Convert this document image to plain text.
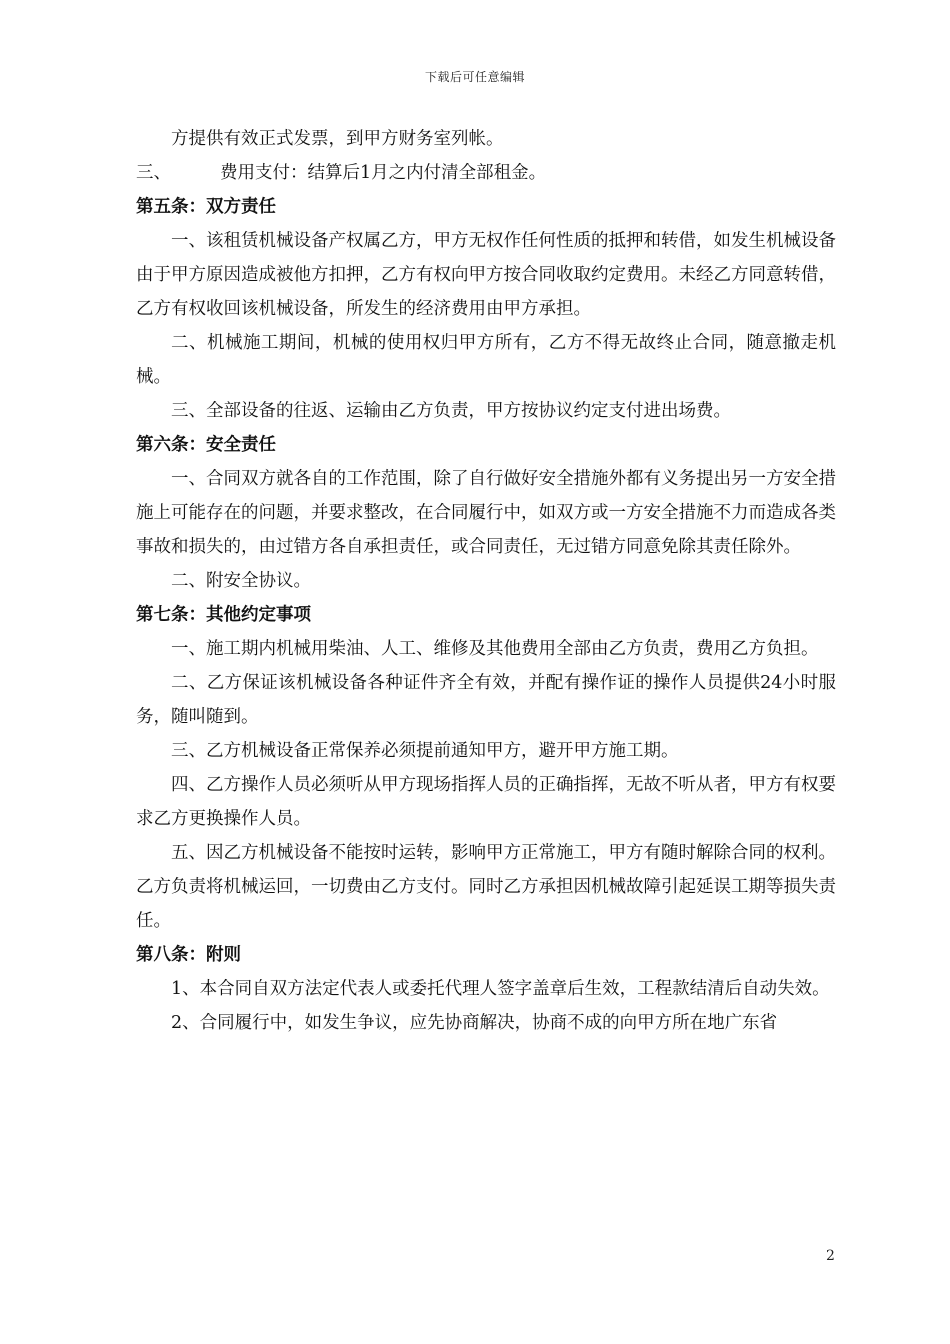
下载后可任意编辑

方提供有效正式发票，到甲方财务室列帐。

三、	费用支付：结算后1月之内付清全部租金。

第五条：双方责任

一、该租赁机械设备产权属乙方，甲方无权作任何性质的抵押和转借，如发生机械设备由于甲方原因造成被他方扣押，乙方有权向甲方按合同收取约定费用。未经乙方同意转借，乙方有权收回该机械设备，所发生的经济费用由甲方承担。

二、机械施工期间，机械的使用权归甲方所有，乙方不得无故终止合同，随意撤走机械。

三、全部设备的往返、运输由乙方负责，甲方按协议约定支付进出场费。

第六条：安全责任

一、合同双方就各自的工作范围，除了自行做好安全措施外都有义务提出另一方安全措施上可能存在的问题，并要求整改，在合同履行中，如双方或一方安全措施不力而造成各类事故和损失的，由过错方各自承担责任，或合同责任，无过错方同意免除其责任除外。

二、附安全协议。

第七条：其他约定事项

一、施工期内机械用柴油、人工、维修及其他费用全部由乙方负责，费用乙方负担。

二、乙方保证该机械设备各种证件齐全有效，并配有操作证的操作人员提供24小时服务，随叫随到。

三、乙方机械设备正常保养必须提前通知甲方，避开甲方施工期。

四、乙方操作人员必须听从甲方现场指挥人员的正确指挥，无故不听从者，甲方有权要求乙方更换操作人员。

五、因乙方机械设备不能按时运转，影响甲方正常施工，甲方有随时解除合同的权利。乙方负责将机械运回，一切费由乙方支付。同时乙方承担因机械故障引起延误工期等损失责任。

第八条：附则

1、本合同自双方法定代表人或委托代理人签字盖章后生效，工程款结清后自动失效。

2、合同履行中，如发生争议，应先协商解决，协商不成的向甲方所在地广东省

2
